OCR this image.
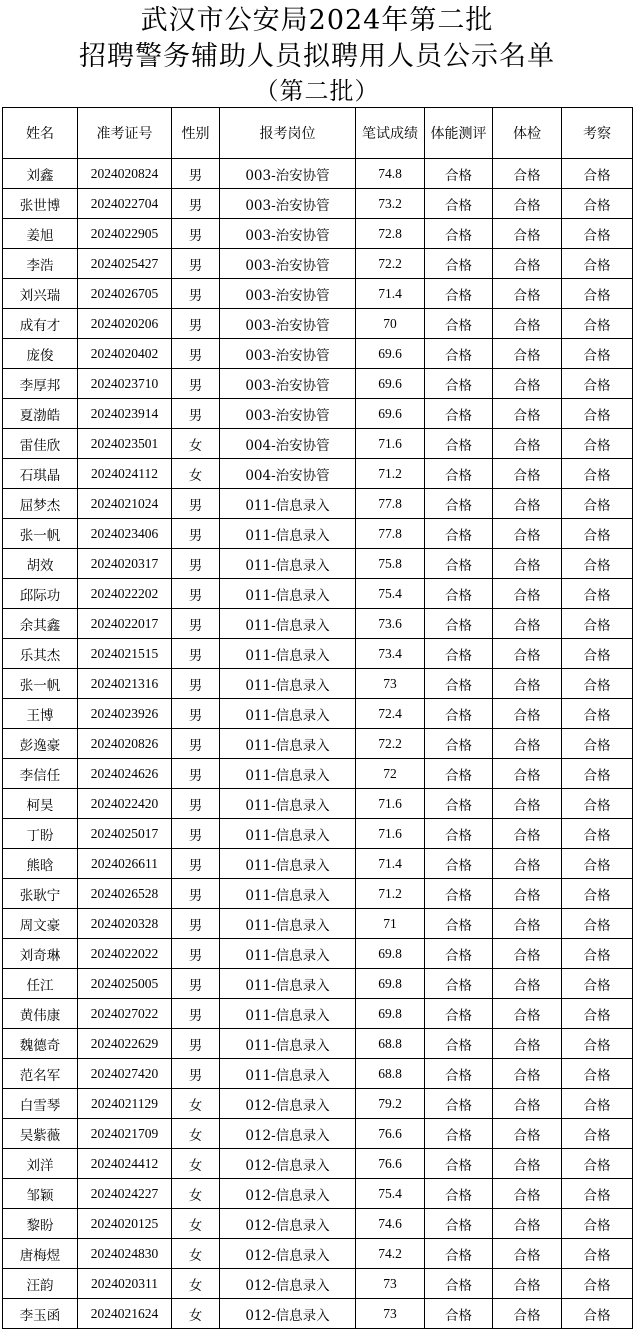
武汉市公安局2024年第二批
招聘警务辅助人员拟聘用人员公示名单
（第二批）
姓名	准考证号	性别	报考岗位	笔试成绩	体能测评	体检	考察
刘鑫	2024020824	男	003-治安协管	74.8	合格	合格	合格
张世博	2024022704	男	003-治安协管	73.2	合格	合格	合格
姜旭	2024022905	男	003-治安协管	72.8	合格	合格	合格
李浩	2024025427	男	003-治安协管	72.2	合格	合格	合格
刘兴瑞	2024026705	男	003-治安协管	71.4	合格	合格	合格
成有才	2024020206	男	003-治安协管	70	合格	合格	合格
庞俊	2024020402	男	003-治安协管	69.6	合格	合格	合格
李厚邦	2024023710	男	003-治安协管	69.6	合格	合格	合格
夏渤皓	2024023914	男	003-治安协管	69.6	合格	合格	合格
雷佳欣	2024023501	女	004-治安协管	71.6	合格	合格	合格
石琪晶	2024024112	女	004-治安协管	71.2	合格	合格	合格
屈梦杰	2024021024	男	011-信息录入	77.8	合格	合格	合格
张一帆	2024023406	男	011-信息录入	77.8	合格	合格	合格
胡效	2024020317	男	011-信息录入	75.8	合格	合格	合格
邱际功	2024022202	男	011-信息录入	75.4	合格	合格	合格
余其鑫	2024022017	男	011-信息录入	73.6	合格	合格	合格
乐其杰	2024021515	男	011-信息录入	73.4	合格	合格	合格
张一帆	2024021316	男	011-信息录入	73	合格	合格	合格
王博	2024023926	男	011-信息录入	72.4	合格	合格	合格
彭逸豪	2024020826	男	011-信息录入	72.2	合格	合格	合格
李信任	2024024626	男	011-信息录入	72	合格	合格	合格
柯昊	2024022420	男	011-信息录入	71.6	合格	合格	合格
丁盼	2024025017	男	011-信息录入	71.6	合格	合格	合格
熊晗	2024026611	男	011-信息录入	71.4	合格	合格	合格
张耿宁	2024026528	男	011-信息录入	71.2	合格	合格	合格
周文豪	2024020328	男	011-信息录入	71	合格	合格	合格
刘奇琳	2024022022	男	011-信息录入	69.8	合格	合格	合格
任江	2024025005	男	011-信息录入	69.8	合格	合格	合格
黄伟康	2024027022	男	011-信息录入	69.8	合格	合格	合格
魏德奇	2024022629	男	011-信息录入	68.8	合格	合格	合格
范名军	2024027420	男	011-信息录入	68.8	合格	合格	合格
白雪琴	2024021129	女	012-信息录入	79.2	合格	合格	合格
吴紫薇	2024021709	女	012-信息录入	76.6	合格	合格	合格
刘洋	2024024412	女	012-信息录入	76.6	合格	合格	合格
邹颖	2024024227	女	012-信息录入	75.4	合格	合格	合格
黎盼	2024020125	女	012-信息录入	74.6	合格	合格	合格
唐梅煜	2024024830	女	012-信息录入	74.2	合格	合格	合格
汪韵	2024020311	女	012-信息录入	73	合格	合格	合格
李玉函	2024021624	女	012-信息录入	73	合格	合格	合格
